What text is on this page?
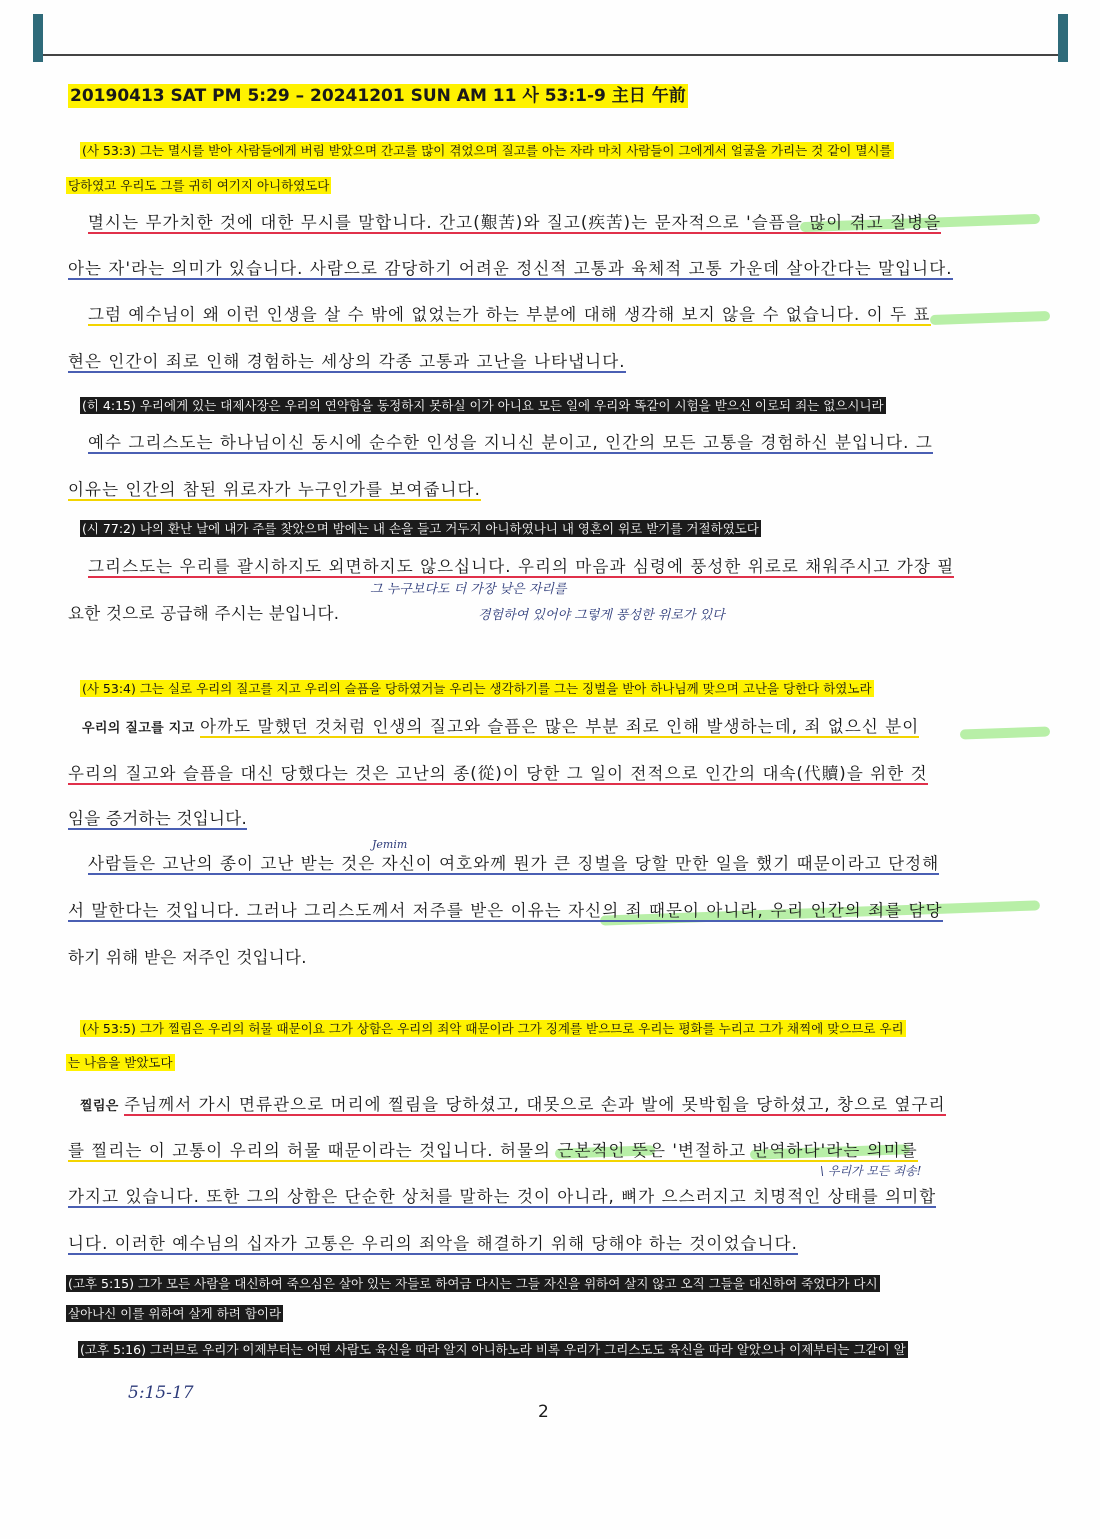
20190413 SAT PM 5:29 – 20241201 SUN AM 11 사 53:1-9 主日 午前
(사 53:3) 그는 멸시를 받아 사람들에게 버림 받았으며 간고를 많이 겪었으며 질고를 아는 자라 마치 사람들이 그에게서 얼굴을 가리는 것 같이 멸시를
당하였고 우리도 그를 귀히 여기지 아니하였도다
멸시는 무가치한 것에 대한 무시를 말합니다. 간고(艱苦)와 질고(疾苦)는 문자적으로 '슬픔을 많이 겪고 질병을
아는 자'라는 의미가 있습니다. 사람으로 감당하기 어려운 정신적 고통과 육체적 고통 가운데 살아간다는 말입니다.
그럼 예수님이 왜 이런 인생을 살 수 밖에 없었는가 하는 부분에 대해 생각해 보지 않을 수 없습니다. 이 두 표
현은 인간이 죄로 인해 경험하는 세상의 각종 고통과 고난을 나타냅니다.
(히 4:15) 우리에게 있는 대제사장은 우리의 연약함을 동정하지 못하실 이가 아니요 모든 일에 우리와 똑같이 시험을 받으신 이로되 죄는 없으시니라
예수 그리스도는 하나님이신 동시에 순수한 인성을 지니신 분이고, 인간의 모든 고통을 경험하신 분입니다. 그
이유는 인간의 참된 위로자가 누구인가를 보여줍니다.
(시 77:2) 나의 환난 날에 내가 주를 찾았으며 밤에는 내 손을 들고 거두지 아니하였나니 내 영혼이 위로 받기를 거절하였도다
그리스도는 우리를 괄시하지도 외면하지도 않으십니다. 우리의 마음과 심령에 풍성한 위로로 채워주시고 가장 필
그 누구보다도 더 가장 낮은 자리를
요한 것으로 공급해 주시는 분입니다.	경험하여 있어야 그렇게 풍성한 위로가 있다
(사 53:4) 그는 실로 우리의 질고를 지고 우리의 슬픔을 당하였거늘 우리는 생각하기를 그는 징벌을 받아 하나님께 맞으며 고난을 당한다 하였노라
우리의 질고를 지고 아까도 말했던 것처럼 인생의 질고와 슬픔은 많은 부분 죄로 인해 발생하는데, 죄 없으신 분이
우리의 질고와 슬픔을 대신 당했다는 것은 고난의 종(從)이 당한 그 일이 전적으로 인간의 대속(代贖)을 위한 것
임을 증거하는 것입니다.
Jemim
사람들은 고난의 종이 고난 받는 것은 자신이 여호와께 뭔가 큰 징벌을 당할 만한 일을 했기 때문이라고 단정해
서 말한다는 것입니다. 그러나 그리스도께서 저주를 받은 이유는 자신의 죄 때문이 아니라, 우리 인간의 죄를 담당
하기 위해 받은 저주인 것입니다.
(사 53:5) 그가 찔림은 우리의 허물 때문이요 그가 상함은 우리의 죄악 때문이라 그가 징계를 받으므로 우리는 평화를 누리고 그가 채찍에 맞으므로 우리
는 나음을 받았도다
찔림은 주님께서 가시 면류관으로 머리에 찔림을 당하셨고, 대못으로 손과 발에 못박힘을 당하셨고, 창으로 옆구리
를 찔리는 이 고통이 우리의 허물 때문이라는 것입니다. 허물의 근본적인 뜻은 '변절하고 반역하다'라는 의미를
\ 우리가 모든 죄송!
가지고 있습니다. 또한 그의 상함은 단순한 상처를 말하는 것이 아니라, 뼈가 으스러지고 치명적인 상태를 의미합
니다. 이러한 예수님의 십자가 고통은 우리의 죄악을 해결하기 위해 당해야 하는 것이었습니다.
(고후 5:15) 그가 모든 사람을 대신하여 죽으심은 살아 있는 자들로 하여금 다시는 그들 자신을 위하여 살지 않고 오직 그들을 대신하여 죽었다가 다시
살아나신 이를 위하여 살게 하려 함이라
(고후 5:16) 그러므로 우리가 이제부터는 어떤 사람도 육신을 따라 알지 아니하노라 비록 우리가 그리스도도 육신을 따라 알았으나 이제부터는 그같이 알
5:15-17
2
